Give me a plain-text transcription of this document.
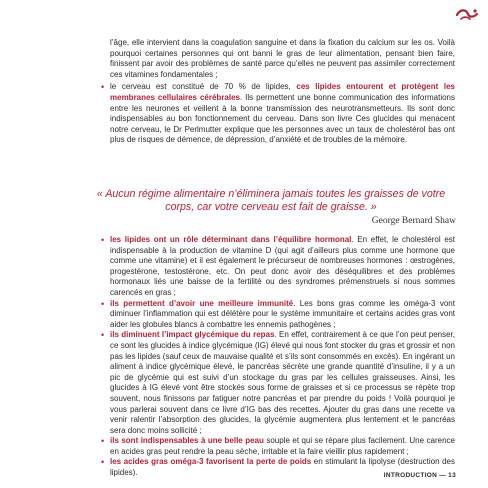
l’âge, elle intervient dans la coagulation sanguine et dans la fixation du calcium sur les os. Voilà pourquoi certaines personnes qui ont banni le gras de leur alimentation, pensant bien faire, finissent par avoir des problèmes de santé parce qu’elles ne peuvent pas assimiler correctement ces vitamines fondamentales ;

• le cerveau est constitué de 70 % de lipides, ces lipides entourent et protègent les membranes cellulaires cérébrales. Ils permettent une bonne communication des informations entre les neurones et veillent à la bonne transmission des neurotransmetteurs. Ils sont donc indispensables au bon fonctionnement du cerveau. Dans son livre Ces glucides qui menacent notre cerveau, le Dr Perlmutter explique que les personnes avec un taux de cholestérol bas ont plus de risques de démence, de dépression, d’anxiété et de troubles de la mémoire.

« Aucun régime alimentaire n’éliminera jamais toutes les graisses de votre corps, car votre cerveau est fait de graisse. »

George Bernard Shaw

• les lipides ont un rôle déterminant dans l’équilibre hormonal. En effet, le cholestérol est indispensable à la production de vitamine D (qui agit d’ailleurs plus comme une hormone que comme une vitamine) et il est également le précurseur de nombreuses hormones : œstrogènes, progestérone, testostérone, etc. On peut donc avoir des déséquilibres et des problèmes hormonaux liés une baisse de la fertilité ou des syndromes prémenstruels si nous sommes carencés en gras ;

• ils permettent d’avoir une meilleure immunité. Les bons gras comme les oméga-3 vont diminuer l’inflammation qui est délétère pour le système immunitaire et certains acides gras vont aider les globules blancs à combattre les ennemis pathogènes ;

• ils diminuent l’impact glycémique du repas. En effet, contrairement à ce que l’on peut penser, ce sont les glucides à indice glycémique (IG) élevé qui nous font stocker du gras et grossir et non pas les lipides (sauf ceux de mauvaise qualité et s’ils sont consommés en excès). En ingérant un aliment à indice glycémique élevé, le pancréas sécrète une grande quantité d’insuline, il y a un pic de glycémie qui est suivi d’un stockage du gras par les cellules graisseuses. Ainsi, les glucides à IG élevé vont être stockés sous forme de graisses et si ce processus se répète trop souvent, nous finissons par fatiguer notre pancréas et par prendre du poids ! Voilà pourquoi je vous parlerai souvent dans ce livre d’IG bas des recettes. Ajouter du gras dans une recette va venir ralentir l’absorption des glucides, la glycémie augmentera plus lentement et le pancréas sera donc moins sollicité ;

• ils sont indispensables à une belle peau souple et qui se répare plus facilement. Une carence en acides gras peut rendre la peau sèche, irritable et la faire vieillir plus rapidement ;

• les acides gras oméga-3 favorisent la perte de poids en stimulant la lipolyse (destruction des lipides).	INTRODUCTION — 13
